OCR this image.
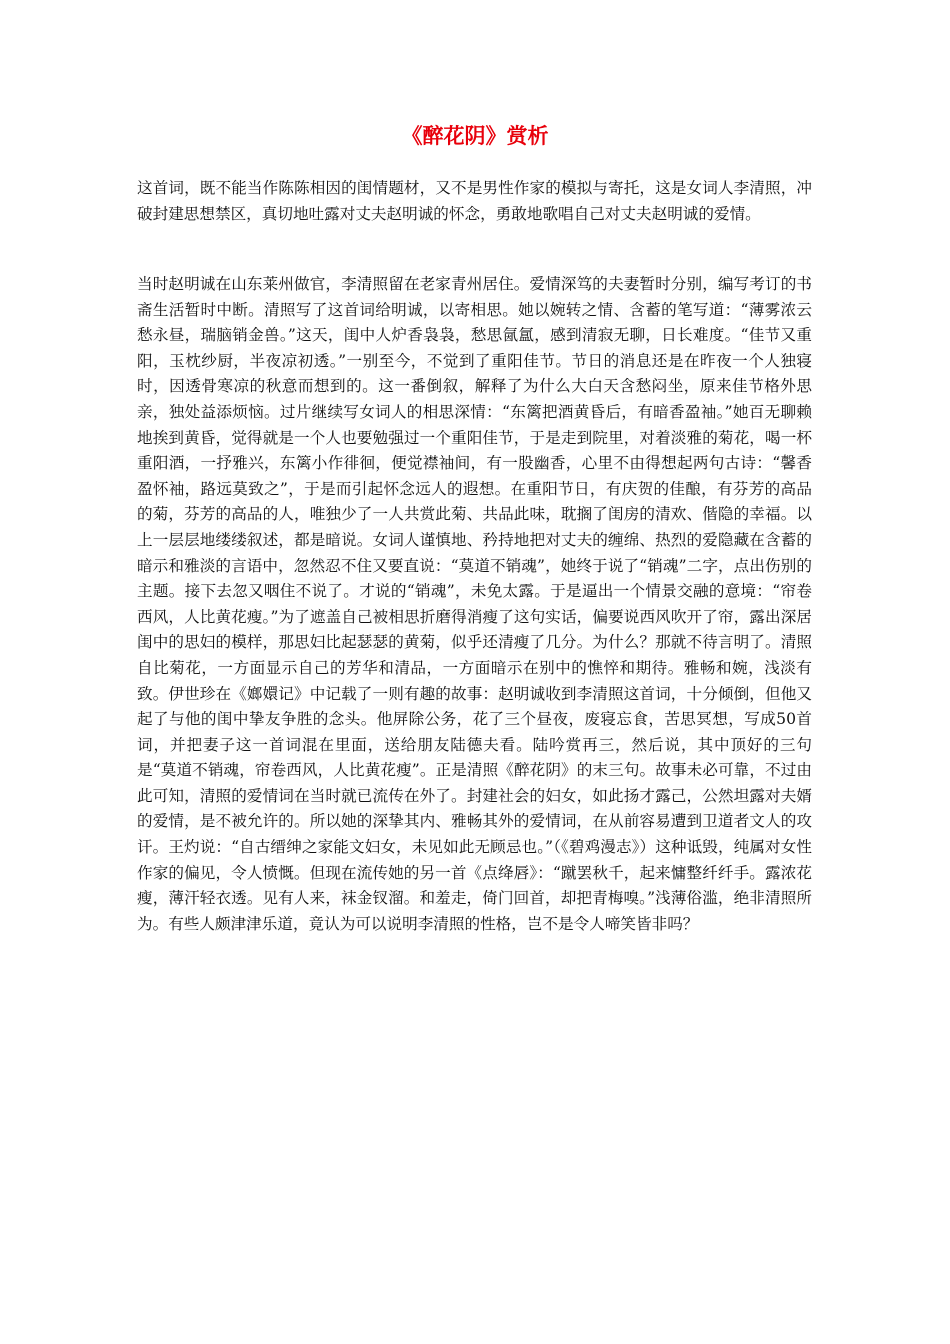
《醉花阴》赏析

这首词，既不能当作陈陈相因的闺情题材，又不是男性作家的模拟与寄托，这是女词人李清照，冲破封建思想禁区，真切地吐露对丈夫赵明诚的怀念，勇敢地歌唱自己对丈夫赵明诚的爱情。

当时赵明诚在山东莱州做官，李清照留在老家青州居住。爱情深笃的夫妻暂时分别，编写考订的书斋生活暂时中断。清照写了这首词给明诚，以寄相思。她以婉转之情、含蓄的笔写道：“薄雾浓云愁永昼，瑞脑销金兽。”这天，闺中人炉香袅袅，愁思氤氲，感到清寂无聊，日长难度。“佳节又重阳，玉枕纱厨，半夜凉初透。”一别至今，不觉到了重阳佳节。节日的消息还是在昨夜一个人独寝时，因透骨寒凉的秋意而想到的。这一番倒叙，解释了为什么大白天含愁闷坐，原来佳节格外思亲，独处益添烦恼。过片继续写女词人的相思深情：“东篱把酒黄昏后，有暗香盈袖。”她百无聊赖地挨到黄昏，觉得就是一个人也要勉强过一个重阳佳节，于是走到院里，对着淡雅的菊花，喝一杯重阳酒，一抒雅兴，东篱小作徘徊，便觉襟袖间，有一股幽香，心里不由得想起两句古诗：“馨香盈怀袖，路远莫致之”，于是而引起怀念远人的遐想。在重阳节日，有庆贺的佳酿，有芬芳的高品的菊，芬芳的高品的人，唯独少了一人共赏此菊、共品此味，耽搁了闺房的清欢、偕隐的幸福。以上一层层地缕缕叙述，都是暗说。女词人谨慎地、矜持地把对丈夫的缠绵、热烈的爱隐藏在含蓄的暗示和雅淡的言语中，忽然忍不住又要直说：“莫道不销魂”，她终于说了“销魂”二字，点出伤别的主题。接下去忽又咽住不说了。才说的“销魂”，未免太露。于是逼出一个情景交融的意境：“帘卷西风，人比黄花瘦。”为了遮盖自己被相思折磨得消瘦了这句实话，偏要说西风吹开了帘，露出深居闺中的思妇的模样，那思妇比起瑟瑟的黄菊，似乎还清瘦了几分。为什么？那就不待言明了。清照自比菊花，一方面显示自己的芳华和清品，一方面暗示在别中的憔悴和期待。雅畅和婉，浅淡有致。伊世珍在《嫏嬛记》中记载了一则有趣的故事：赵明诚收到李清照这首词，十分倾倒，但他又起了与他的闺中挚友争胜的念头。他屏除公务，花了三个昼夜，废寝忘食，苦思冥想，写成50首词，并把妻子这一首词混在里面，送给朋友陆德夫看。陆吟赏再三，然后说，其中顶好的三句是“莫道不销魂，帘卷西风，人比黄花瘦”。正是清照《醉花阴》的末三句。故事未必可靠，不过由此可知，清照的爱情词在当时就已流传在外了。封建社会的妇女，如此扬才露己，公然坦露对夫婿的爱情，是不被允许的。所以她的深挚其内、雅畅其外的爱情词，在从前容易遭到卫道者文人的攻讦。王灼说：“自古缙绅之家能文妇女，未见如此无顾忌也。”（《碧鸡漫志》）这种诋毁，纯属对女性作家的偏见，令人愤慨。但现在流传她的另一首《点绛唇》：“蹴罢秋千，起来慵整纤纤手。露浓花瘦，薄汗轻衣透。见有人来，袜金钗溜。和羞走，倚门回首，却把青梅嗅。”浅薄俗滥，绝非清照所为。有些人颇津津乐道，竟认为可以说明李清照的性格，岂不是令人啼笑皆非吗？
